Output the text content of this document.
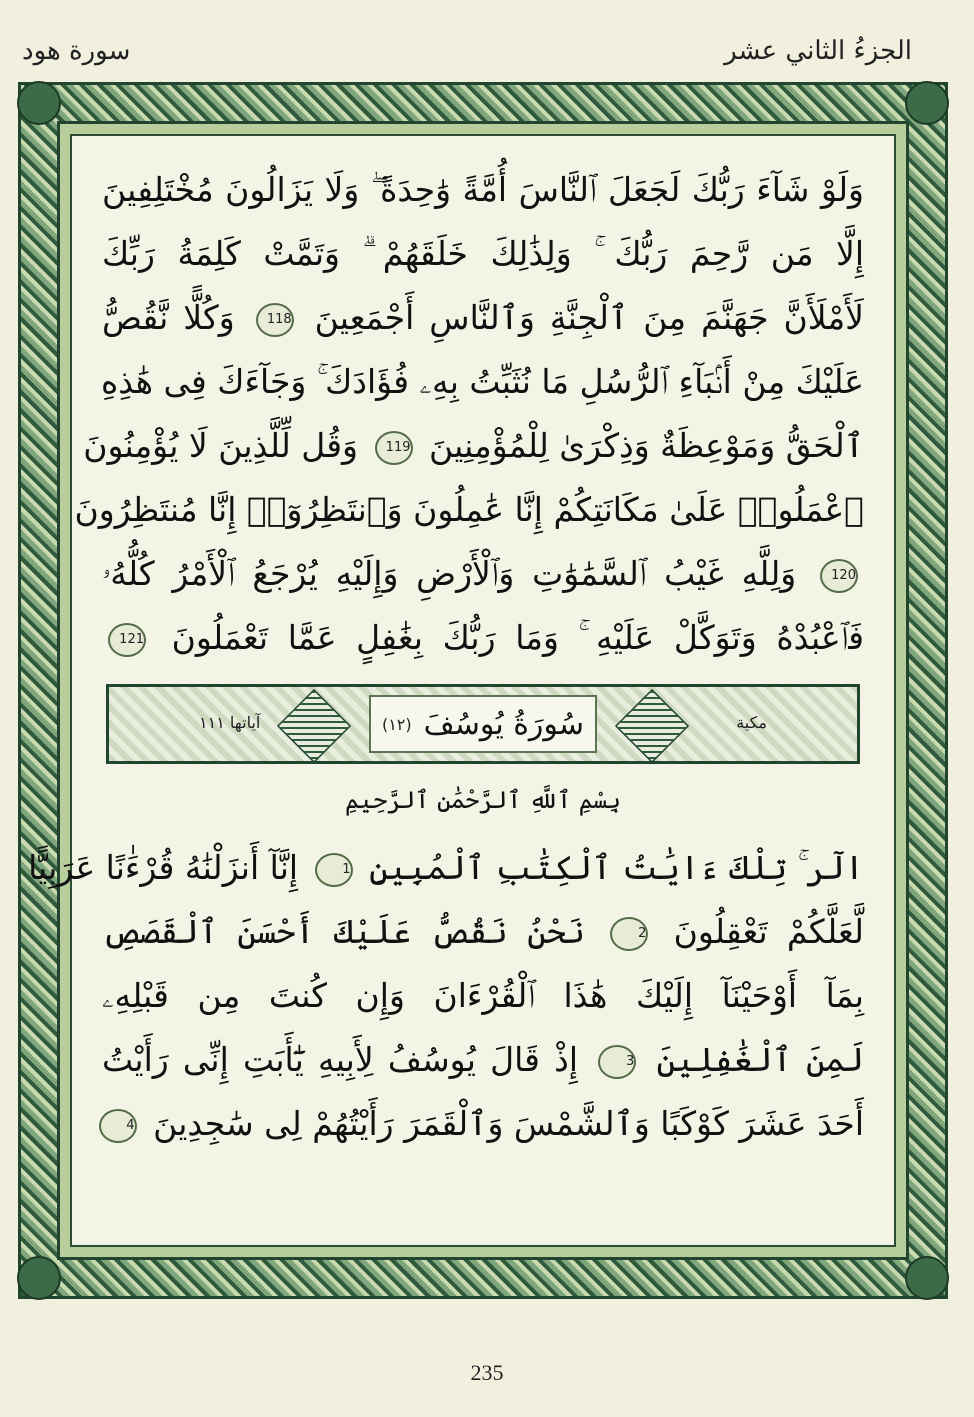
الجزءُ الثاني عشر
سورة هود
وَلَوْ شَآءَ رَبُّكَ لَجَعَلَ ٱلنَّاسَ أُمَّةً وَٰحِدَةً ۖ وَلَا يَزَالُونَ مُخْتَلِفِينَ
إِلَّا مَن رَّحِمَ رَبُّكَ ۚ وَلِذَٰلِكَ خَلَقَهُمْ ۗ وَتَمَّتْ كَلِمَةُ رَبِّكَ
لَأَمْلَأَنَّ جَهَنَّمَ مِنَ ٱلْجِنَّةِ وَٱلنَّاسِ أَجْمَعِينَ 118 وَكُلًّا نَّقُصُّ
عَلَيْكَ مِنْ أَنۢبَآءِ ٱلرُّسُلِ مَا نُثَبِّتُ بِهِۦ فُؤَادَكَ ۚ وَجَآءَكَ فِى هَٰذِهِ
ٱلْحَقُّ وَمَوْعِظَةٌ وَذِكْرَىٰ لِلْمُؤْمِنِينَ 119 وَقُل لِّلَّذِينَ لَا يُؤْمِنُونَ
ٱعْمَلُوا۟ عَلَىٰ مَكَانَتِكُمْ إِنَّا عَٰمِلُونَ وَٱنتَظِرُوٓا۟ إِنَّا مُنتَظِرُونَ
120 وَلِلَّهِ غَيْبُ ٱلسَّمَٰوَٰتِ وَٱلْأَرْضِ وَإِلَيْهِ يُرْجَعُ ٱلْأَمْرُ كُلُّهُۥ
فَٱعْبُدْهُ وَتَوَكَّلْ عَلَيْهِ ۚ وَمَا رَبُّكَ بِغَٰفِلٍ عَمَّا تَعْمَلُونَ 121
مكية
آياتها ١١١	سُورَةُ يُوسُفَ
(١٢)
بِسْمِ ٱللَّهِ ٱلرَّحْمَٰنِ ٱلرَّحِيمِ
الٓر ۚ تِلْكَ ءَايَٰتُ ٱلْكِتَٰبِ ٱلْمُبِينِ 1 إِنَّآ أَنزَلْنَٰهُ قُرْءَٰنًا عَرَبِيًّا
لَّعَلَّكُمْ تَعْقِلُونَ 2 نَحْنُ نَقُصُّ عَلَيْكَ أَحْسَنَ ٱلْقَصَصِ
بِمَآ أَوْحَيْنَآ إِلَيْكَ هَٰذَا ٱلْقُرْءَانَ وَإِن كُنتَ مِن قَبْلِهِۦ
لَمِنَ ٱلْغَٰفِلِينَ 3 إِذْ قَالَ يُوسُفُ لِأَبِيهِ يَٰٓأَبَتِ إِنِّى رَأَيْتُ
أَحَدَ عَشَرَ كَوْكَبًا وَٱلشَّمْسَ وَٱلْقَمَرَ رَأَيْتُهُمْ لِى سَٰجِدِينَ 4
235
